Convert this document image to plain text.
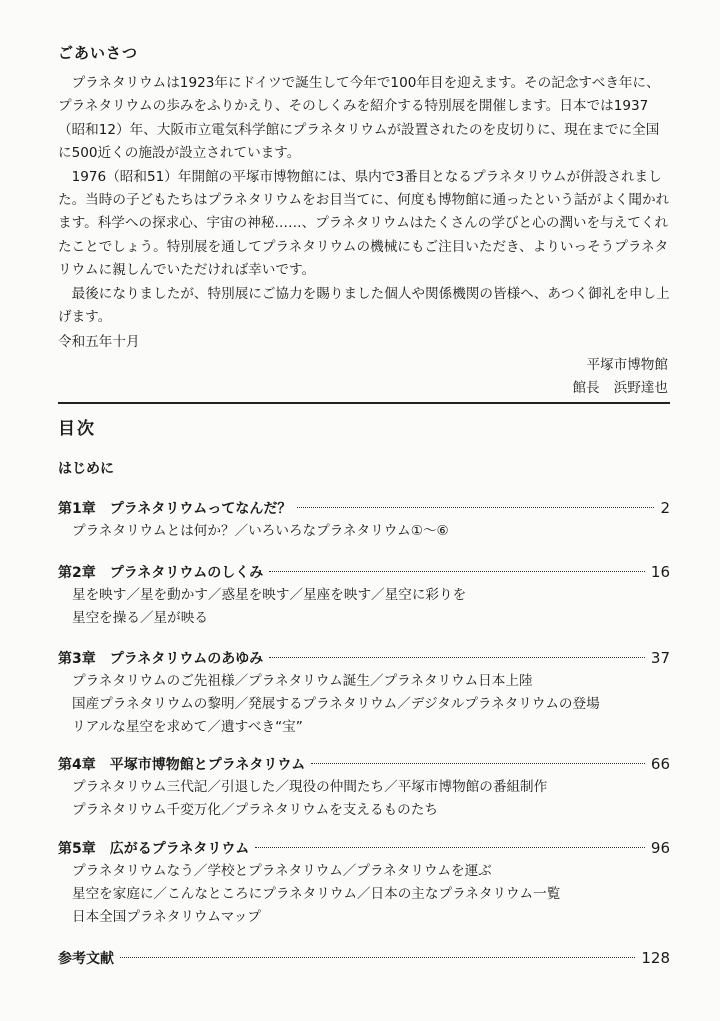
ごあいさつ

プラネタリウムは1923年にドイツで誕生して今年で100年目を迎えます。その記念すべき年に、プラネタリウムの歩みをふりかえり、そのしくみを紹介する特別展を開催します。日本では1937（昭和12）年、大阪市立電気科学館にプラネタリウムが設置されたのを皮切りに、現在までに全国に500近くの施設が設立されています。

1976（昭和51）年開館の平塚市博物館には、県内で3番目となるプラネタリウムが併設されました。当時の子どもたちはプラネタリウムをお目当てに、何度も博物館に通ったという話がよく聞かれます。科学への探求心、宇宙の神秘……、プラネタリウムはたくさんの学びと心の潤いを与えてくれたことでしょう。特別展を通してプラネタリウムの機械にもご注目いただき、よりいっそうプラネタリウムに親しんでいただければ幸いです。

最後になりましたが、特別展にご協力を賜りました個人や関係機関の皆様へ、あつく御礼を申し上げます。

令和五年十月
平塚市博物館
館長 浜野達也
目次
はじめに
第1章 プラネタリウムってなんだ？	2
プラネタリウムとは何か？／いろいろなプラネタリウム①～⑥
第2章 プラネタリウムのしくみ	16
星を映す／星を動かす／惑星を映す／星座を映す／星空に彩りを
星空を操る／星が映る
第3章 プラネタリウムのあゆみ	37
プラネタリウムのご先祖様／プラネタリウム誕生／プラネタリウム日本上陸
国産プラネタリウムの黎明／発展するプラネタリウム／デジタルプラネタリウムの登場
リアルな星空を求めて／遺すべき“宝”
第4章 平塚市博物館とプラネタリウム	66
プラネタリウム三代記／引退した／現役の仲間たち／平塚市博物館の番組制作
プラネタリウム千変万化／プラネタリウムを支えるものたち
第5章 広がるプラネタリウム	96
プラネタリウムなう／学校とプラネタリウム／プラネタリウムを運ぶ
星空を家庭に／こんなところにプラネタリウム／日本の主なプラネタリウム一覧
日本全国プラネタリウムマップ
参考文献	128
